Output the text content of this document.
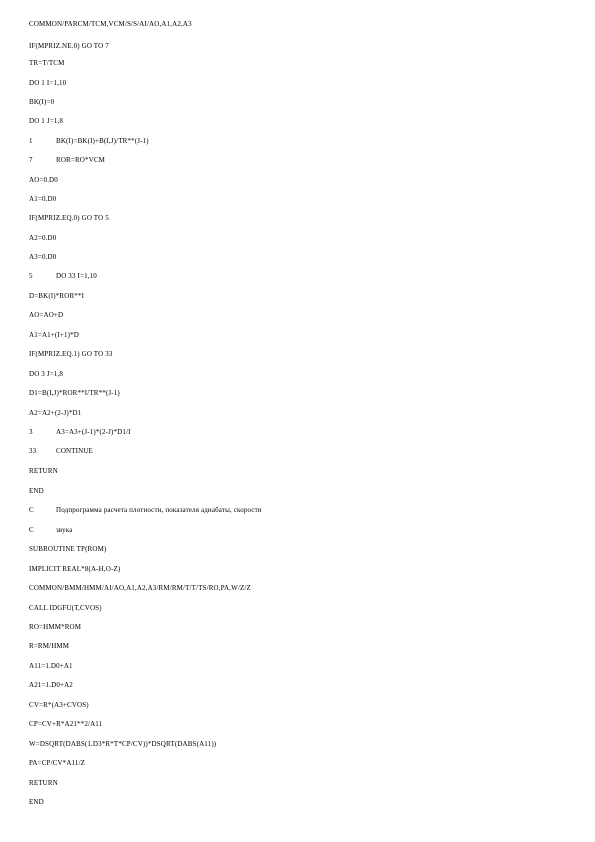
COMMON/PARCM/TCM,VCM/S/S/AI/AO,A1,A2,A3
IF(MPRIZ.NE.0) GO TO 7
TR=T/TCM
DO 1 I=1,10
BK(I)=0
DO 1 J=1,8
1	BK(I)=BK(I)+B(I,J)/TR**(J-1)
7	ROR=RO*VCM
AO=0.D0
A1=0.D0
IF(MPRIZ.EQ.0) GO TO 5
A2=0.D0
A3=0.D0
5	DO 33 I=1,10
D=BK(I)*ROR**I
AO=AO+D
A1=A1+(I+1)*D
IF(MPRIZ.EQ.1) GO TO 33
DO 3 J=1,8
D1=B(I,J)*ROR**I/TR**(J-1)
A2=A2+(2-J)*D1
3	A3=A3+(J-1)*(2-J)*D1/I
33	CONTINUE
RETURN
END
C	Подпрограмма расчета плотности, показателя адиабаты, скорости
C	звука
SUBROUTINE TP(ROM)
IMPLICIT REAL*8(A-H,O-Z)
COMMON/BMM/HMM/AI/AO,A1,A2,A3/RM/RM/T/T/TS/RO,PA,W/Z/Z
CALL IDGFU(T,CVOS)
RO=HMM*ROM
R=RM/HMM
A11=1.D0+A1
A21=1.D0+A2
CV=R*(A3+CVOS)
CP=CV+R*A21**2/A11
W=DSQRT(DABS(1.D3*R*T*CP/CV))*DSQRT(DABS(A11))
PA=CP/CV*A11/Z
RETURN
END
